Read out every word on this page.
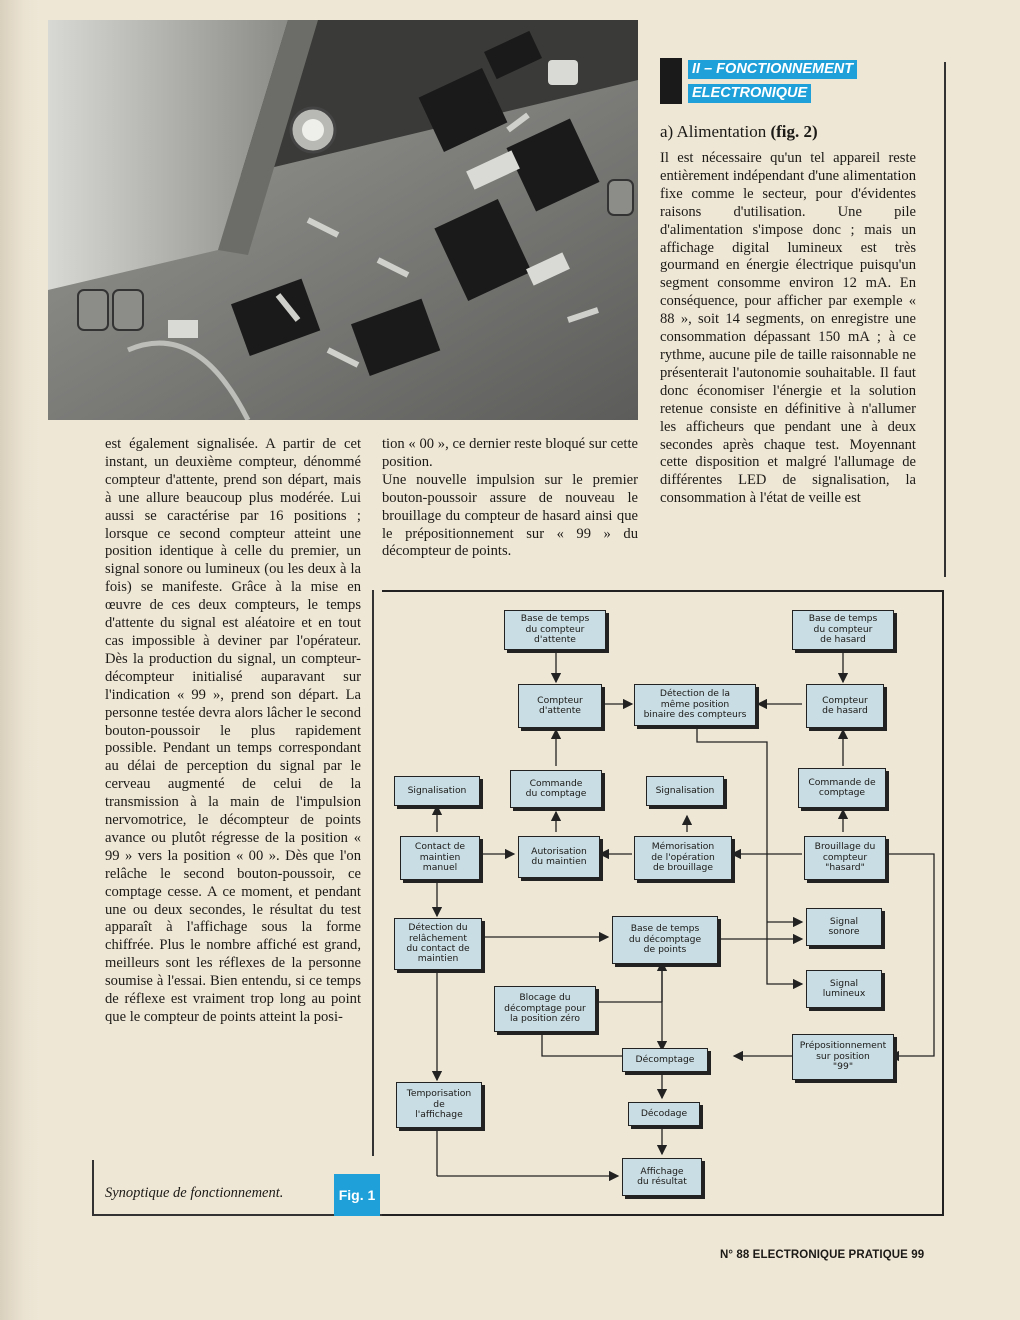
II – FONCTIONNEMENT
ELECTRONIQUE
a) Alimentation (fig. 2)

Il est nécessaire qu'un tel appareil reste entièrement indépendant d'une alimentation fixe comme le secteur, pour d'évidentes raisons d'utilisation. Une pile d'alimentation s'impose donc ; mais un affichage digital lumineux est très gourmand en énergie électrique puisqu'un segment consomme environ 12 mA. En conséquence, pour afficher par exemple « 88 », soit 14 segments, on enregistre une consommation dépassant 150 mA ; à ce rythme, aucune pile de taille raisonnable ne présenterait l'autonomie souhaitable. Il faut donc économiser l'énergie et la solution retenue consiste en définitive à n'allumer les afficheurs que pendant une à deux secondes après chaque test. Moyennant cette disposition et malgré l'allumage de différentes LED de signalisation, la consommation à l'état de veille est

tion « 00 », ce dernier reste bloqué sur cette position.

Une nouvelle impulsion sur le premier bouton-poussoir assure de nouveau le brouillage du compteur de hasard ainsi que le prépositionnement sur « 99 » du décompteur de points.

est également signalisée. A partir de cet instant, un deuxième compteur, dénommé compteur d'attente, prend son départ, mais à une allure beaucoup plus modérée. Lui aussi se caractérise par 16 positions ; lorsque ce second compteur atteint une position identique à celle du premier, un signal sonore ou lumineux (ou les deux à la fois) se manifeste. Grâce à la mise en œuvre de ces deux compteurs, le temps d'attente du signal est aléatoire et en tout cas impossible à deviner par l'opérateur. Dès la production du signal, un compteur-décompteur initialisé auparavant sur l'indication « 99 », prend son départ. La personne testée devra alors lâcher le second bouton-poussoir le plus rapidement possible. Pendant un temps correspondant au délai de perception du signal par le cerveau augmenté de celui de la transmission à la main de l'impulsion nervomotrice, le décompteur de points avance ou plutôt régresse de la position « 99 » vers la position « 00 ». Dès que l'on relâche le second bouton-poussoir, ce comptage cesse. A ce moment, et pendant une ou deux secondes, le résultat du test apparaît à l'affichage sous la forme chiffrée. Plus le nombre affiché est grand, meilleurs sont les réflexes de la personne soumise à l'essai. Bien entendu, si ce temps de réflexe est vraiment trop long au point que le compteur de points atteint la posi-

Base de temps
du compteur
d'attente
Base de temps
du compteur
de hasard
Compteur
d'attente
Détection de la
même position
binaire des compteurs
Compteur
de hasard
Signalisation
Commande
du comptage	Signalisation
Commande de
comptage
Contact de
maintien
manuel
Autorisation
du maintien
Mémorisation
de l'opération
de brouillage
Brouillage du
compteur
"hasard"
Détection du
relâchement
du contact de
maintien
Base de temps
du décomptage
de points
Signal
sonore
Signal
lumineux
Blocage du
décomptage pour
la position zéro
Prépositionnement
sur position
"99"
Décomptage
Temporisation
de
l'affichage	Décodage
Affichage
du résultat
Synoptique de fonctionnement.	Fig. 1
N° 88 ELECTRONIQUE PRATIQUE 99
